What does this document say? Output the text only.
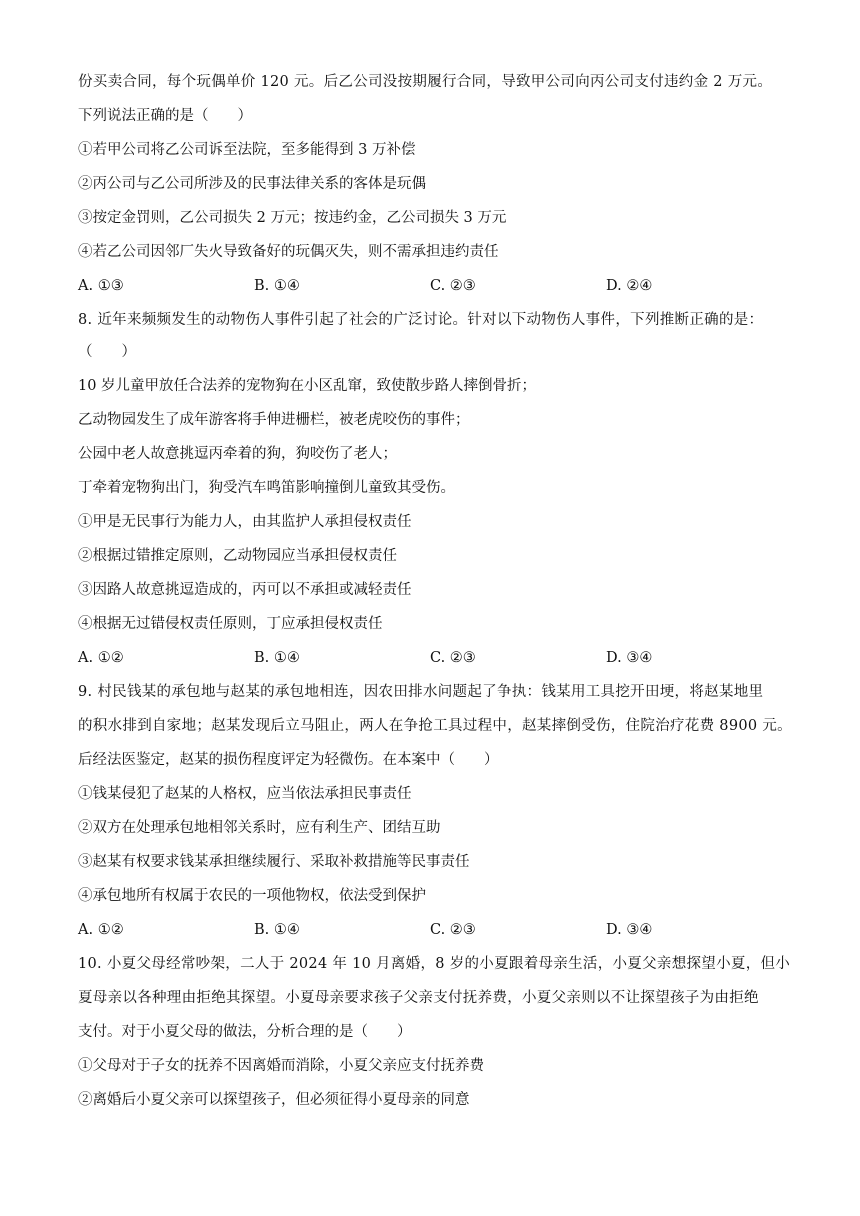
份买卖合同，每个玩偶单价 120 元。后乙公司没按期履行合同，导致甲公司向丙公司支付违约金 2 万元。
下列说法正确的是（　　）
①若甲公司将乙公司诉至法院，至多能得到 3 万补偿
②丙公司与乙公司所涉及的民事法律关系的客体是玩偶
③按定金罚则，乙公司损失 2 万元；按违约金，乙公司损失 3 万元
④若乙公司因邻厂失火导致备好的玩偶灭失，则不需承担违约责任
A. ①③	B. ①④	C. ②③	D. ②④
8. 近年来频频发生的动物伤人事件引起了社会的广泛讨论。针对以下动物伤人事件，下列推断正确的是：
（　　）
10 岁儿童甲放任合法养的宠物狗在小区乱窜，致使散步路人摔倒骨折；
乙动物园发生了成年游客将手伸进栅栏，被老虎咬伤的事件；
公园中老人故意挑逗丙牵着的狗，狗咬伤了老人；
丁牵着宠物狗出门，狗受汽车鸣笛影响撞倒儿童致其受伤。
①甲是无民事行为能力人，由其监护人承担侵权责任
②根据过错推定原则，乙动物园应当承担侵权责任
③因路人故意挑逗造成的，丙可以不承担或减轻责任
④根据无过错侵权责任原则，丁应承担侵权责任
A. ①②	B. ①④	C. ②③	D. ③④
9. 村民钱某的承包地与赵某的承包地相连，因农田排水问题起了争执：钱某用工具挖开田埂，将赵某地里
的积水排到自家地；赵某发现后立马阻止，两人在争抢工具过程中，赵某摔倒受伤，住院治疗花费 8900 元。
后经法医鉴定，赵某的损伤程度评定为轻微伤。在本案中（　　）
①钱某侵犯了赵某的人格权，应当依法承担民事责任
②双方在处理承包地相邻关系时，应有利生产、团结互助
③赵某有权要求钱某承担继续履行、采取补救措施等民事责任
④承包地所有权属于农民的一项他物权，依法受到保护
A. ①②	B. ①④	C. ②③	D. ③④
10. 小夏父母经常吵架，二人于 2024 年 10 月离婚，8 岁的小夏跟着母亲生活，小夏父亲想探望小夏，但小
夏母亲以各种理由拒绝其探望。小夏母亲要求孩子父亲支付抚养费，小夏父亲则以不让探望孩子为由拒绝
支付。对于小夏父母的做法，分析合理的是（　　）
①父母对于子女的抚养不因离婚而消除，小夏父亲应支付抚养费
②离婚后小夏父亲可以探望孩子，但必须征得小夏母亲的同意
